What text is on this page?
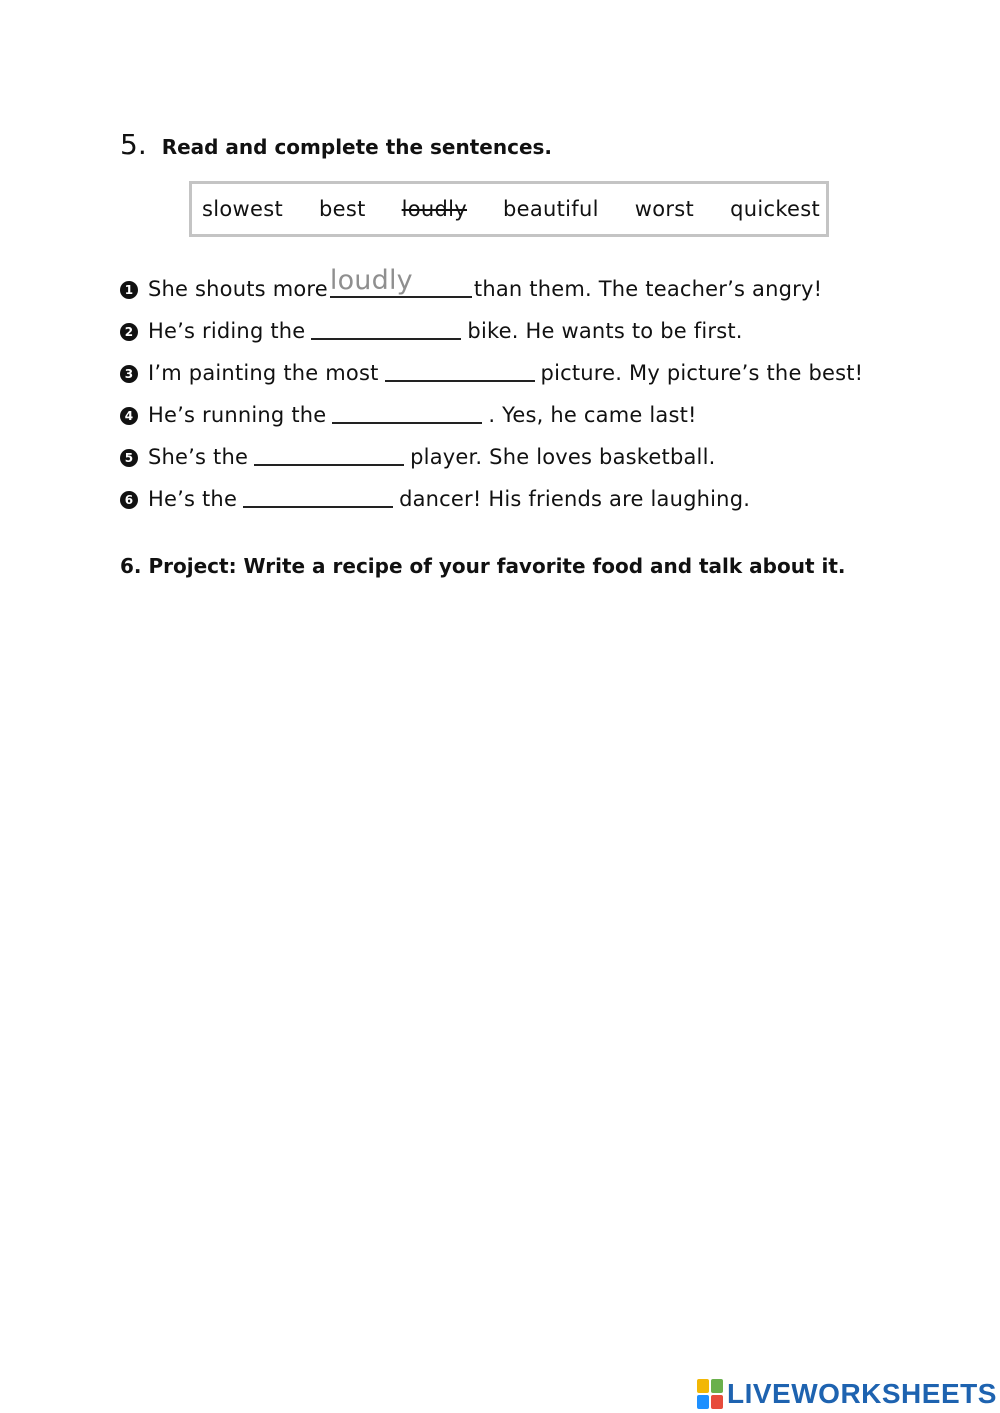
5. Read and complete the sentences.
slowest best loudly beautiful worst quickest
1 She shouts more loudly	than them. The teacher’s angry!
2 He’s riding the	bike. He wants to be first.
3 I’m painting the most	picture. My picture’s the best!
4 He’s running the	. Yes, he came last!
5 She’s the	player. She loves basketball.
6 He’s the	dancer! His friends are laughing.
6. Project: Write a recipe of your favorite food and talk about it.
LIVEWORKSHEETS
